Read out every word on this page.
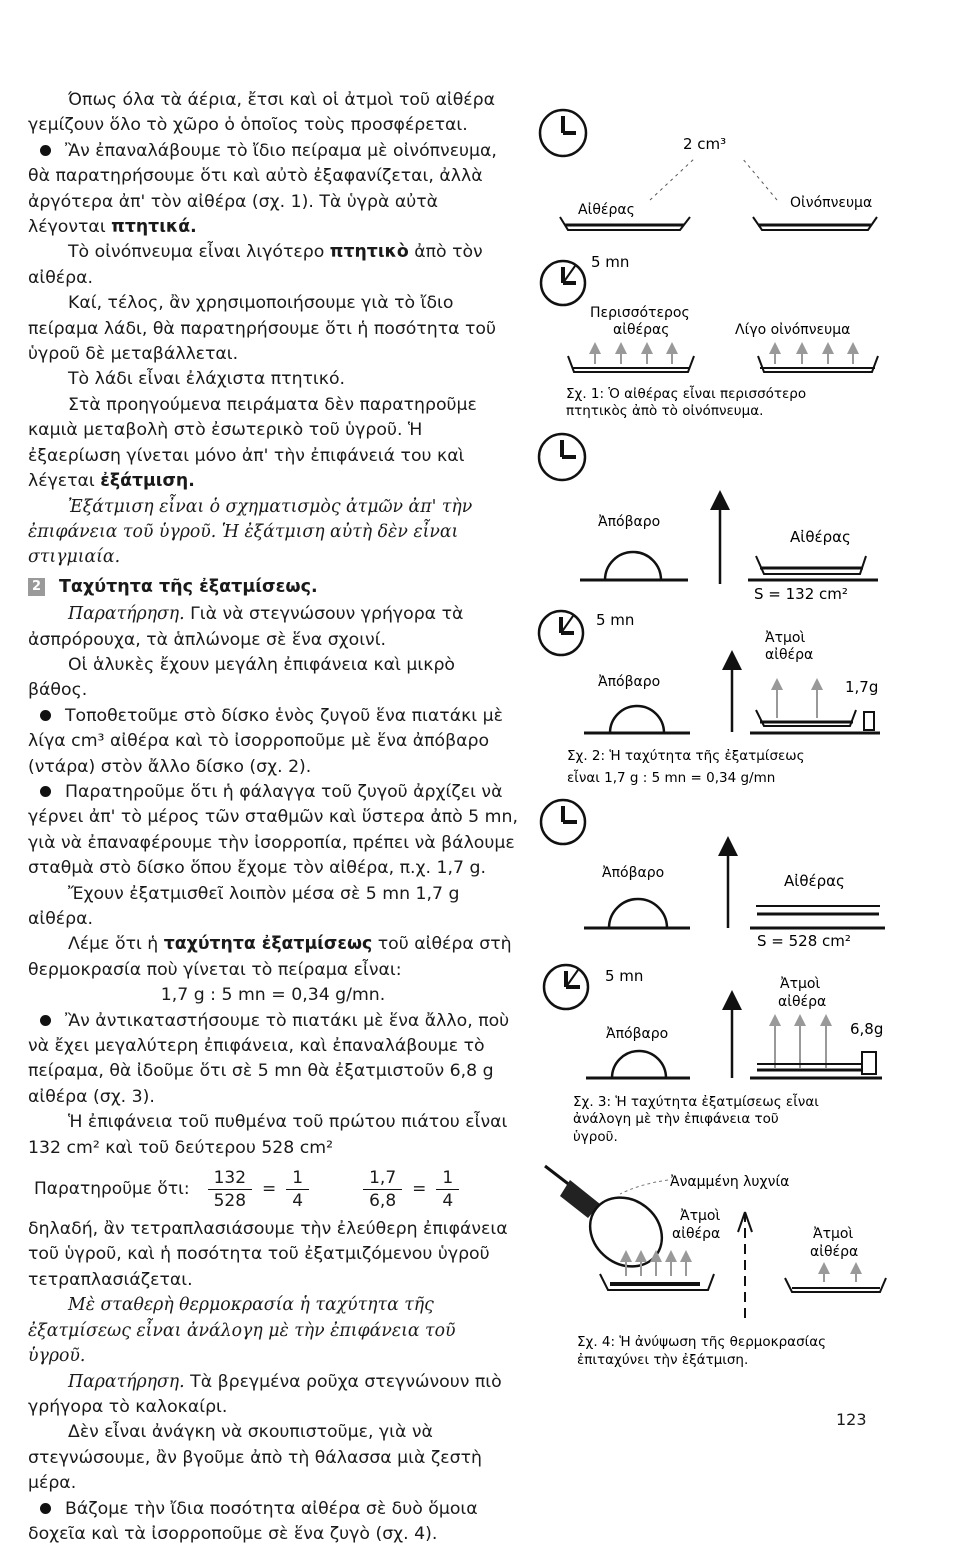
Όπως όλα τὰ άέρια, ἔτσι καὶ οἱ ἀτμοὶ τοῦ αἰθέρα γεμίζουν ὅλο τὸ χῶρο ὁ ὁποῖος τοὺς προσφέρεται.

Ἂν ἐπαναλάβουμε τὸ ἴδιο πείραμα μὲ οἰνόπνευμα, θὰ παρατηρήσουμε ὅτι καὶ αὐτὸ ἐξαφανίζεται, ἀλλὰ ἀργότερα ἀπ' τὸν αἰθέρα (σχ. 1). Τὰ ὑγρὰ αὐτὰ λέγονται πτητικά.

Τὸ οἰνόπνευμα εἶναι λιγότερο πτητικὸ ἀπὸ τὸν αἰθέρα.

Καί, τέλος, ἂν χρησιμοποιήσουμε γιὰ τὸ ἴδιο πείραμα λάδι, θὰ παρατηρήσουμε ὅτι ἡ ποσότητα τοῦ ὑγροῦ δὲ μεταβάλλεται.

Τὸ λάδι εἶναι ἐλάχιστα πτητικό.

Στὰ προηγούμενα πειράματα δὲν παρατηροῦμε καμιὰ μεταβολὴ στὸ ἐσωτερικὸ τοῦ ὑγροῦ. Ἡ ἐξαερίωση γίνεται μόνο ἀπ' τὴν ἐπιφάνειά του καὶ λέγεται ἐξάτμιση.

Ἐξάτμιση εἶναι ὁ σχηματισμὸς ἀτμῶν ἀπ' τὴν ἐπιφάνεια τοῦ ὑγροῦ. Ἡ ἐξάτμιση αὐτὴ δὲν εἶναι στιγμιαία.

2 Ταχύτητα τῆς ἐξατμίσεως.

Παρατήρηση. Γιὰ νὰ στεγνώσουν γρήγορα τὰ ἀσπρόρουχα, τὰ ἁπλώνομε σὲ ἕνα σχοινί.

Οἱ ἁλυκὲς ἔχουν μεγάλη ἐπιφάνεια καὶ μικρὸ βάθος.

Τοποθετοῦμε στὸ δίσκο ἑνὸς ζυγοῦ ἕνα πιατάκι μὲ λίγα cm³ αἰθέρα καὶ τὸ ἰσορροποῦμε μὲ ἕνα ἀπόβαρο (ντάρα) στὸν ἄλλο δίσκο (σχ. 2).

Παρατηροῦμε ὅτι ἡ φάλαγγα τοῦ ζυγοῦ ἀρχίζει νὰ γέρνει ἀπ' τὸ μέρος τῶν σταθμῶν καὶ ὕστερα ἀπὸ 5 mn, γιὰ νὰ ἐπαναφέρουμε τὴν ἰσορροπία, πρέπει νὰ βάλουμε σταθμὰ στὸ δίσκο ὅπου ἔχομε τὸν αἰθέρα, π.χ. 1,7 g.

Ἔχουν ἐξατμισθεῖ λοιπὸν μέσα σὲ 5 mn 1,7 g αἰθέρα.

Λέμε ὅτι ἡ ταχύτητα ἐξατμίσεως τοῦ αἰθέρα στὴ θερμοκρασία ποὺ γίνεται τὸ πείραμα εἶναι:

1,7 g : 5 mn = 0,34 g/mn.

Ἂν ἀντικαταστήσουμε τὸ πιατάκι μὲ ἕνα ἄλλο, ποὺ νὰ ἔχει μεγαλύτερη ἐπιφάνεια, καὶ ἐπαναλάβουμε τὸ πείραμα, θὰ ἰδοῦμε ὅτι σὲ 5 mn θὰ ἐξατμιστοῦν 6,8 g αἰθέρα (σχ. 3).

Ἡ ἐπιφάνεια τοῦ πυθμένα τοῦ πρώτου πιάτου εἶναι 132 cm² καὶ τοῦ δεύτερου 528 cm²

Παρατηροῦμε ὅτι: $\frac{132}{528} = \frac{1}{4}$	$\frac{1,7}{6,8} = \frac{1}{4}$

δηλαδή, ἂν τετραπλασιάσουμε τὴν ἐλεύθερη ἐπιφάνεια τοῦ ὑγροῦ, καὶ ἡ ποσότητα τοῦ ἐξατμιζόμενου ὑγροῦ τετραπλασιάζεται.

Μὲ σταθερὴ θερμοκρασία ἡ ταχύτητα τῆς ἐξατμίσεως εἶναι ἀνάλογη μὲ τὴν ἐπιφάνεια τοῦ ὑγροῦ.

Παρατήρηση. Τὰ βρεγμένα ροῦχα στεγνώνουν πιὸ γρήγορα τὸ καλοκαίρι.

Δὲν εἶναι ἀνάγκη νὰ σκουπιστοῦμε, γιὰ νὰ στεγνώσουμε, ἂν βγοῦμε ἀπὸ τὴ θάλασσα μιὰ ζεστὴ μέρα.

Βάζομε τὴν ἴδια ποσότητα αἰθέρα σὲ δυὸ ὅμοια δοχεῖα καὶ τὰ ἰσορροποῦμε σὲ ἕνα ζυγὸ (σχ. 4).

2 cm³
Αἰθέρας	Οἰνόπνευμα
5 mn
Περισσότερος
αἰθέρας	Λίγο οἰνόπνευμα
Σχ. 1: Ὁ αἰθέρας εἶναι περισσότερο
πτητικὸς ἀπὸ τὸ οἰνόπνευμα.
Ἀπόβαρο
Αἰθέρας
S = 132 cm²
5 mn
Ἀτμοὶ
αἰθέρα
Ἀπόβαρο	1,7g
Σχ. 2: Ἡ ταχύτητα τῆς ἐξατμίσεως
εἶναι 1,7 g : 5 mn = 0,34 g/mn
Ἀπόβαρο	Αἰθέρας
S = 528 cm²
5 mn	Ἀτμοὶ
αἰθέρα
Ἀπόβαρο	6,8g
Σχ. 3: Ἡ ταχύτητα ἐξατμίσεως εἶναι
ἀνάλογη μὲ τὴν ἐπιφάνεια τοῦ
ὑγροῦ.
Ἀναμμένη λυχνία
Ἀτμοὶ
αἰθέρα	Ἀτμοὶ
αἰθέρα
Σχ. 4: Ἡ ἀνύψωση τῆς θερμοκρασίας
ἐπιταχύνει τὴν ἐξάτμιση.
123
